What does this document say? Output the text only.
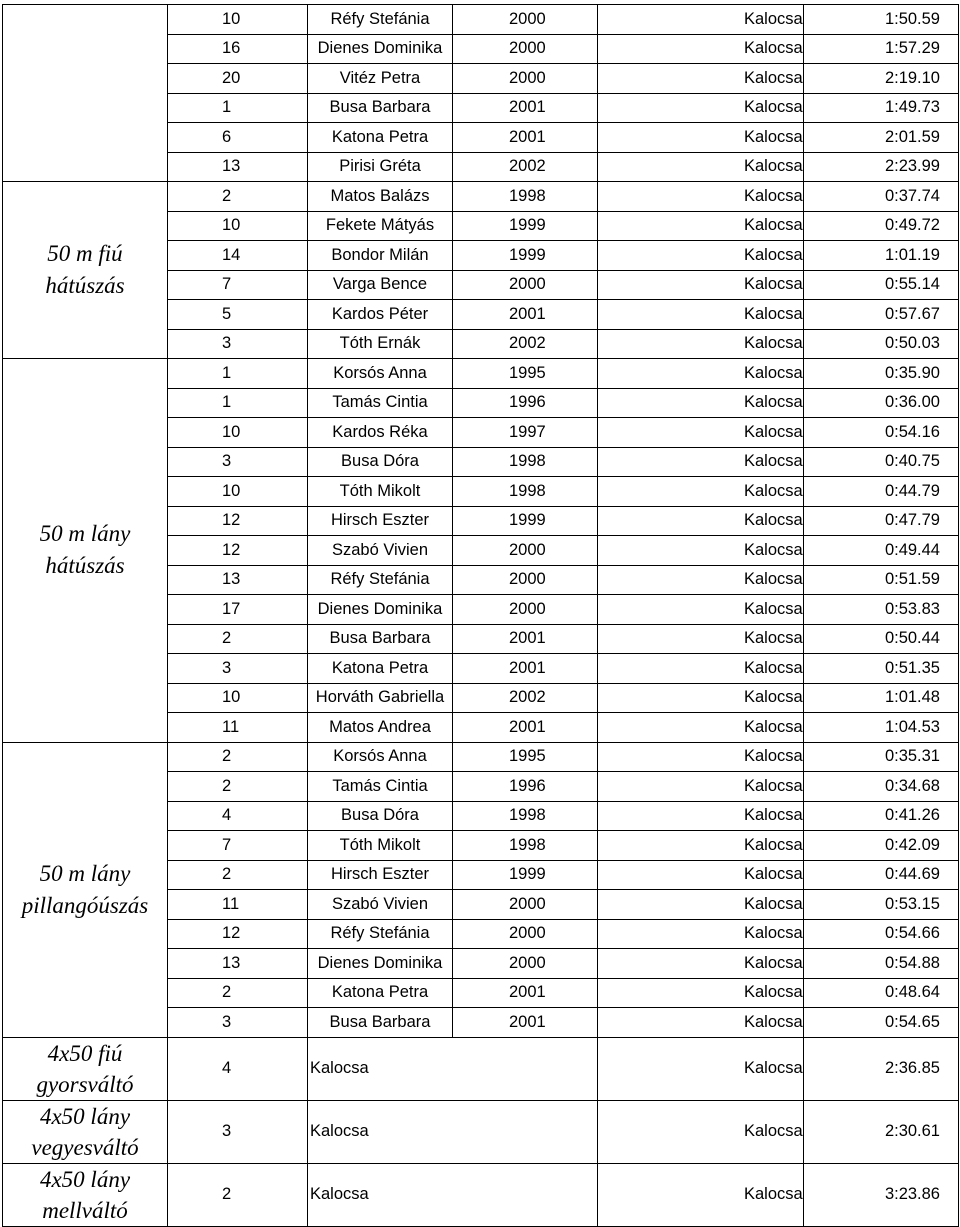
	10	Réfy Stefánia	2000	Kalocsa	1:50.59
	16	Dienes Dominika	2000	Kalocsa	1:57.29
	20	Vitéz Petra	2000	Kalocsa	2:19.10
	1	Busa Barbara	2001	Kalocsa	1:49.73
	6	Katona Petra	2001	Kalocsa	2:01.59
	13	Pirisi Gréta	2002	Kalocsa	2:23.99

50 m fiú
hátúszás	2	Matos Balázs	1998	Kalocsa	0:37.74
	10	Fekete Mátyás	1999	Kalocsa	0:49.72
	14	Bondor Milán	1999	Kalocsa	1:01.19
	7	Varga Bence	2000	Kalocsa	0:55.14
	5	Kardos Péter	2001	Kalocsa	0:57.67
	3	Tóth Ernák	2002	Kalocsa	0:50.03

50 m lány
hátúszás	1	Korsós Anna	1995	Kalocsa	0:35.90
	1	Tamás Cintia	1996	Kalocsa	0:36.00
	10	Kardos Réka	1997	Kalocsa	0:54.16
	3	Busa Dóra	1998	Kalocsa	0:40.75
	10	Tóth Mikolt	1998	Kalocsa	0:44.79
	12	Hirsch Eszter	1999	Kalocsa	0:47.79
	12	Szabó Vivien	2000	Kalocsa	0:49.44
	13	Réfy Stefánia	2000	Kalocsa	0:51.59
	17	Dienes Dominika	2000	Kalocsa	0:53.83
	2	Busa Barbara	2001	Kalocsa	0:50.44
	3	Katona Petra	2001	Kalocsa	0:51.35
	10	Horváth Gabriella	2002	Kalocsa	1:01.48
	11	Matos Andrea	2001	Kalocsa	1:04.53

50 m lány
pillangóúszás	2	Korsós Anna	1995	Kalocsa	0:35.31
	2	Tamás Cintia	1996	Kalocsa	0:34.68
	4	Busa Dóra	1998	Kalocsa	0:41.26
	7	Tóth Mikolt	1998	Kalocsa	0:42.09
	2	Hirsch Eszter	1999	Kalocsa	0:44.69
	11	Szabó Vivien	2000	Kalocsa	0:53.15
	12	Réfy Stefánia	2000	Kalocsa	0:54.66
	13	Dienes Dominika	2000	Kalocsa	0:54.88
	2	Katona Petra	2001	Kalocsa	0:48.64
	3	Busa Barbara	2001	Kalocsa	0:54.65

4x50 fiú
gyorsváltó	4	Kalocsa		Kalocsa	2:36.85

4x50 lány
vegyesváltó	3	Kalocsa		Kalocsa	2:30.61

4x50 lány
mellváltó	2	Kalocsa		Kalocsa	3:23.86
